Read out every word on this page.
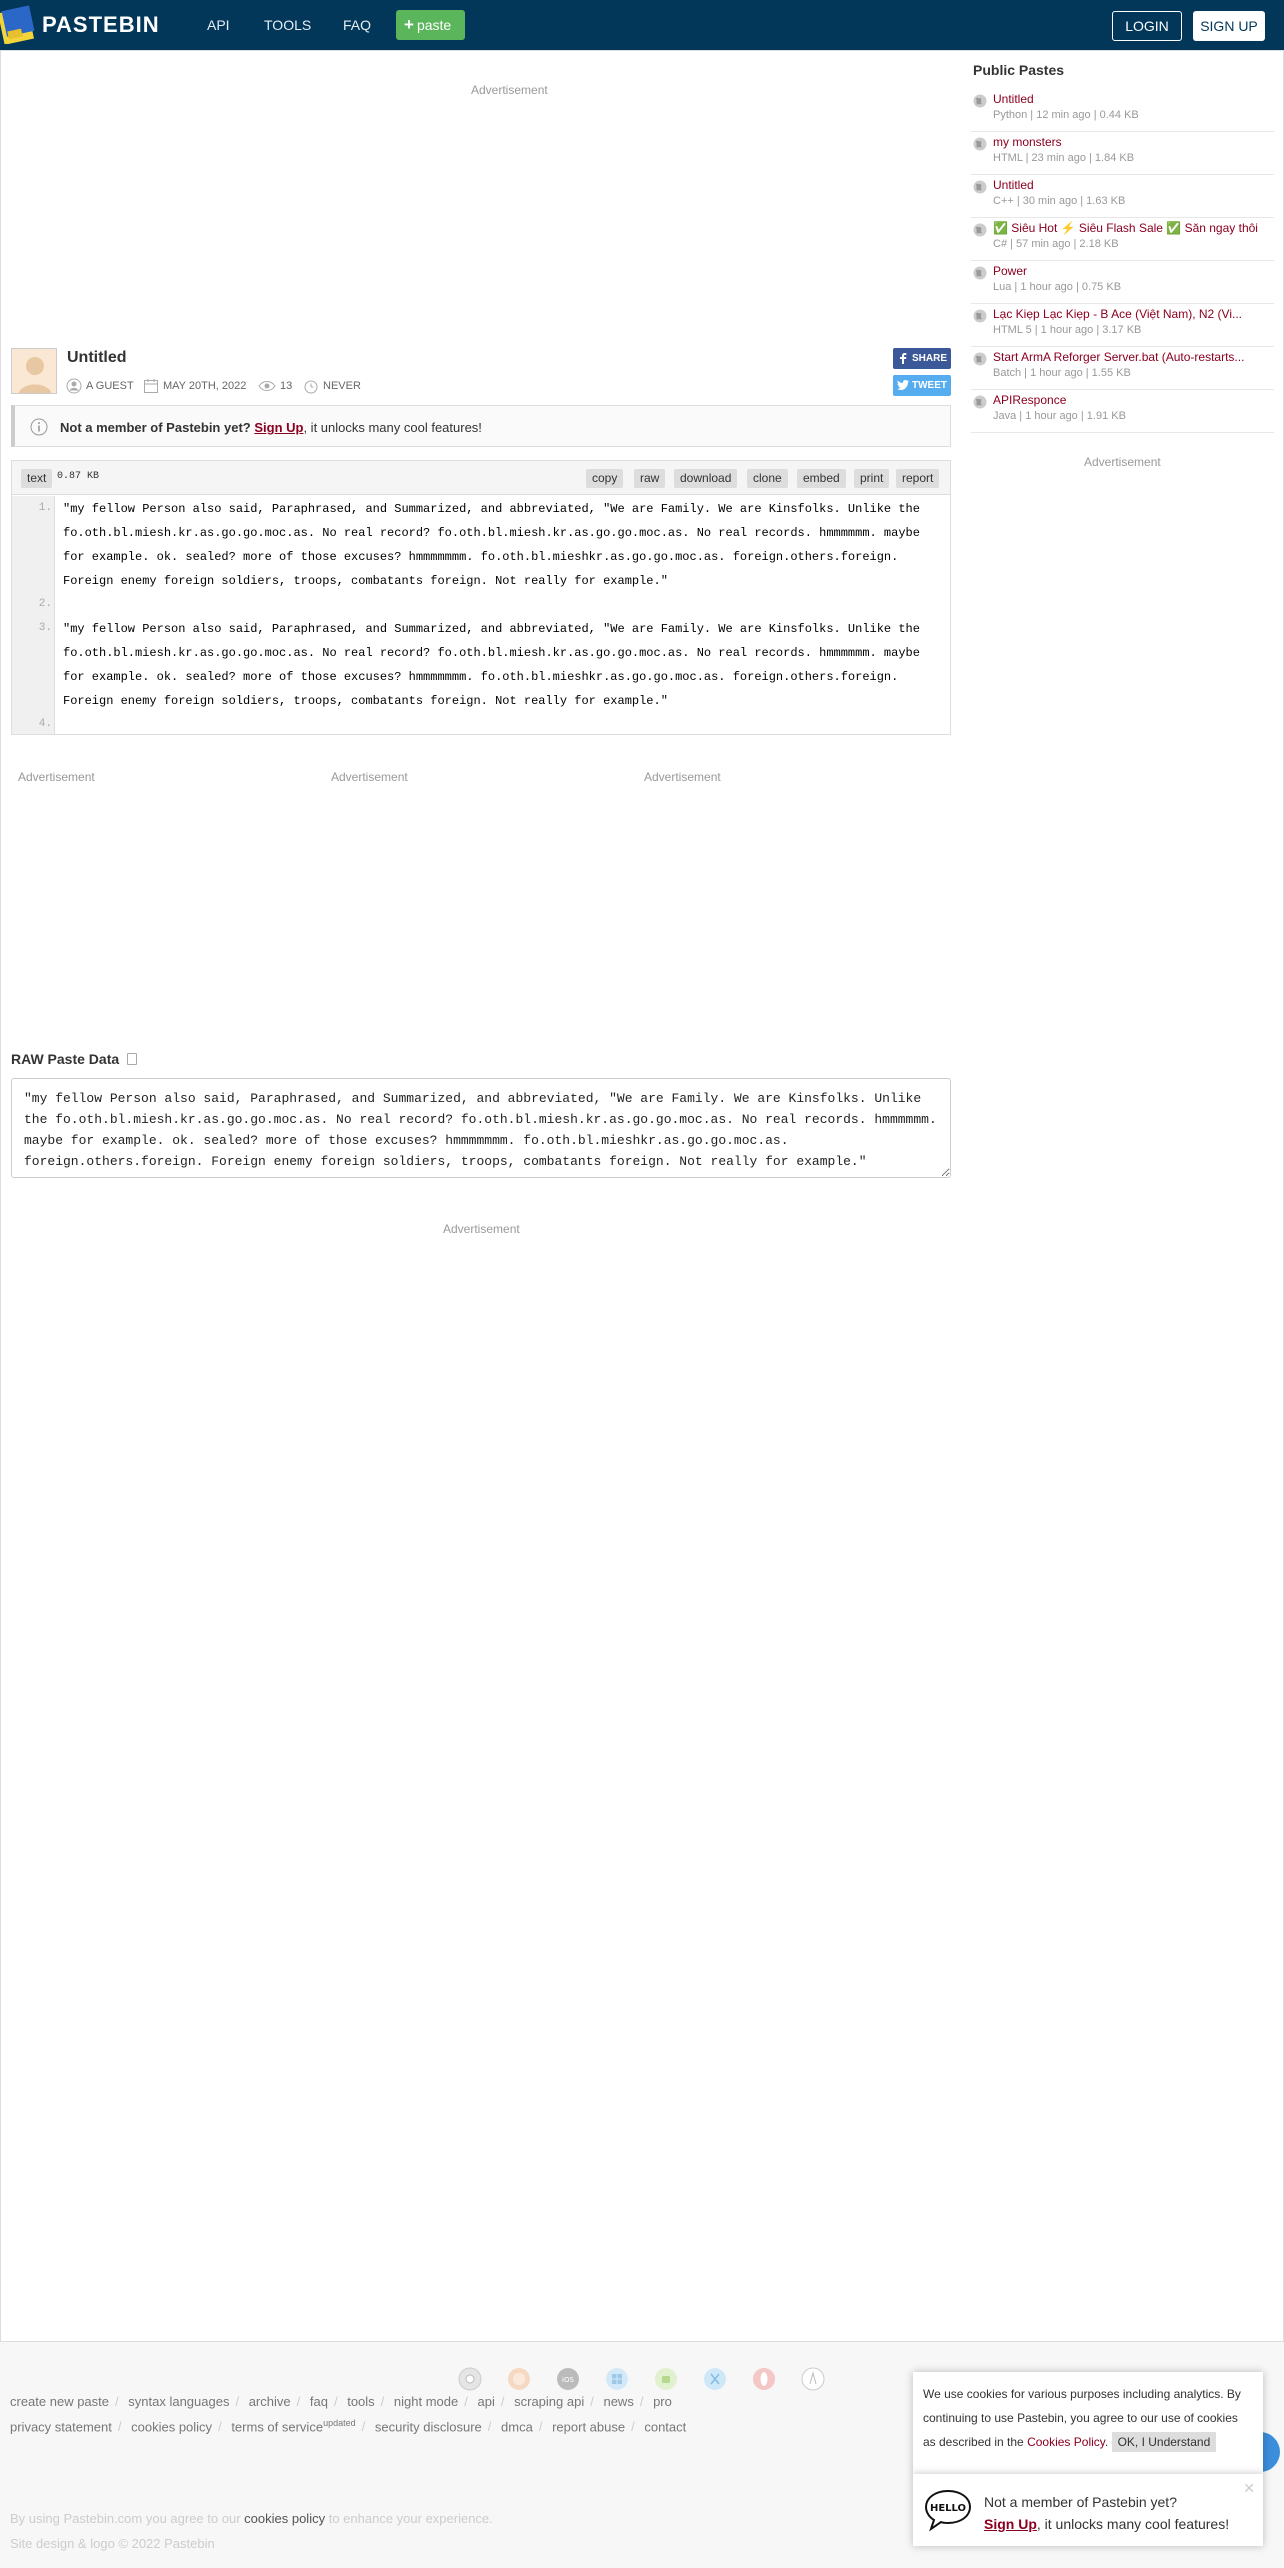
PASTEBIN	API TOOLS FAQ	+ paste	LOGIN	SIGN UP
Advertisement
Advertisement	Advertisement	Advertisement
Advertisement
Advertisement
Untitled
A GUEST	MAY 20TH, 2022	13	NEVER
SHARE
TWEET
Not a member of Pastebin yet? Sign Up, it unlocks many cool features!
text	0.87 KB	copy	raw	download	clone	embed	print	report
1.
2.
3.
4.
"my fellow Person also said, Paraphrased, and Summarized, and abbreviated, "We are Family. We are Kinsfolks. Unlike the fo.oth.bl.miesh.kr.as.go.go.moc.as. No real record? fo.oth.bl.miesh.kr.as.go.go.moc.as. No real records. hmmmmmm. maybe for example. ok. sealed? more of those excuses? hmmmmmmm. fo.oth.bl.mieshkr.as.go.go.moc.as. foreign.others.foreign. Foreign enemy foreign soldiers, troops, combatants foreign. Not really for example."
"my fellow Person also said, Paraphrased, and Summarized, and abbreviated, "We are Family. We are Kinsfolks. Unlike the fo.oth.bl.miesh.kr.as.go.go.moc.as. No real record? fo.oth.bl.miesh.kr.as.go.go.moc.as. No real records. hmmmmmm. maybe for example. ok. sealed? more of those excuses? hmmmmmmm. fo.oth.bl.mieshkr.as.go.go.moc.as. foreign.others.foreign. Foreign enemy foreign soldiers, troops, combatants foreign. Not really for example."
RAW Paste Data
"my fellow Person also said, Paraphrased, and Summarized, and abbreviated, "We are Family. We are Kinsfolks. Unlike the fo.oth.bl.miesh.kr.as.go.go.moc.as. No real record? fo.oth.bl.miesh.kr.as.go.go.moc.as. No real records. hmmmmmm. maybe for example. ok. sealed? more of those excuses? hmmmmmmm. fo.oth.bl.mieshkr.as.go.go.moc.as. foreign.others.foreign. Foreign enemy foreign soldiers, troops, combatants foreign. Not really for example."
Public Pastes
Untitled
Python | 12 min ago | 0.44 KB
my monsters
HTML | 23 min ago | 1.84 KB
Untitled
C++ | 30 min ago | 1.63 KB
✅ Siêu Hot ⚡ Siêu Flash Sale ✅ Săn ngay thôi
C# | 57 min ago | 2.18 KB
Power
Lua | 1 hour ago | 0.75 KB
Lạc Kiẹp Lạc Kiẹp - B Ace (Việt Nam), N2 (Vi...
HTML 5 | 1 hour ago | 3.17 KB
Start ArmA Reforger Server.bat (Auto-restarts...
Batch | 1 hour ago | 1.55 KB
APIResponce
Java | 1 hour ago | 1.91 KB
iOS
create new paste / syntax languages / archive / faq / tools / night mode / api / scraping api / news / pro
privacy statement / cookies policy / terms of service$^{updated}$ / security disclosure / dmca / report abuse / contact
By using Pastebin.com you agree to our cookies policy to enhance your experience.
Site design & logo © 2022 Pastebin
We use cookies for various purposes including analytics. By continuing to use Pastebin, you agree to our use of cookies as described in the Cookies Policy. OK, I Understand
HELLO Not a member of Pastebin yet?
Sign Up, it unlocks many cool features!
✕
